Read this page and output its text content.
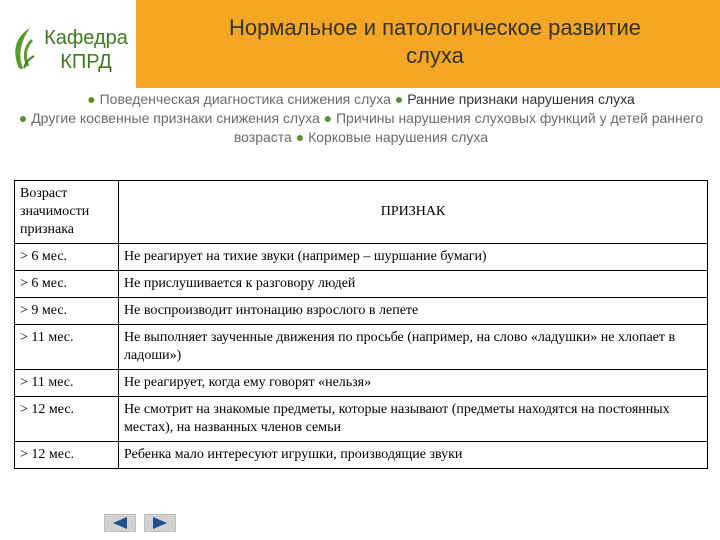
Кафедра
КПРД
Нормальное и патологическое развитие
слуха
● Поведенческая диагностика снижения слуха ● Ранние признаки нарушения слуха
● Другие косвенные признаки снижения слуха ● Причины нарушения слуховых функций у детей раннего возраста ● Корковые нарушения слуха
Возраст значимости признака	ПРИЗНАК
> 6 мес.	Не реагирует на тихие звуки (например – шуршание бумаги)
> 6 мес.	Не прислушивается к разговору людей
> 9 мес.	Не воспроизводит интонацию взрослого в лепете
> 11 мес.	Не выполняет заученные движения по просьбе (например, на слово «ладушки» не хлопает в ладоши»)
> 11 мес.	Не реагирует, когда ему говорят «нельзя»
> 12 мес.	Не смотрит на знакомые предметы, которые называют (предметы находятся на постоянных местах), на названных членов семьи
> 12 мес.	Ребенка мало интересуют игрушки, производящие звуки
